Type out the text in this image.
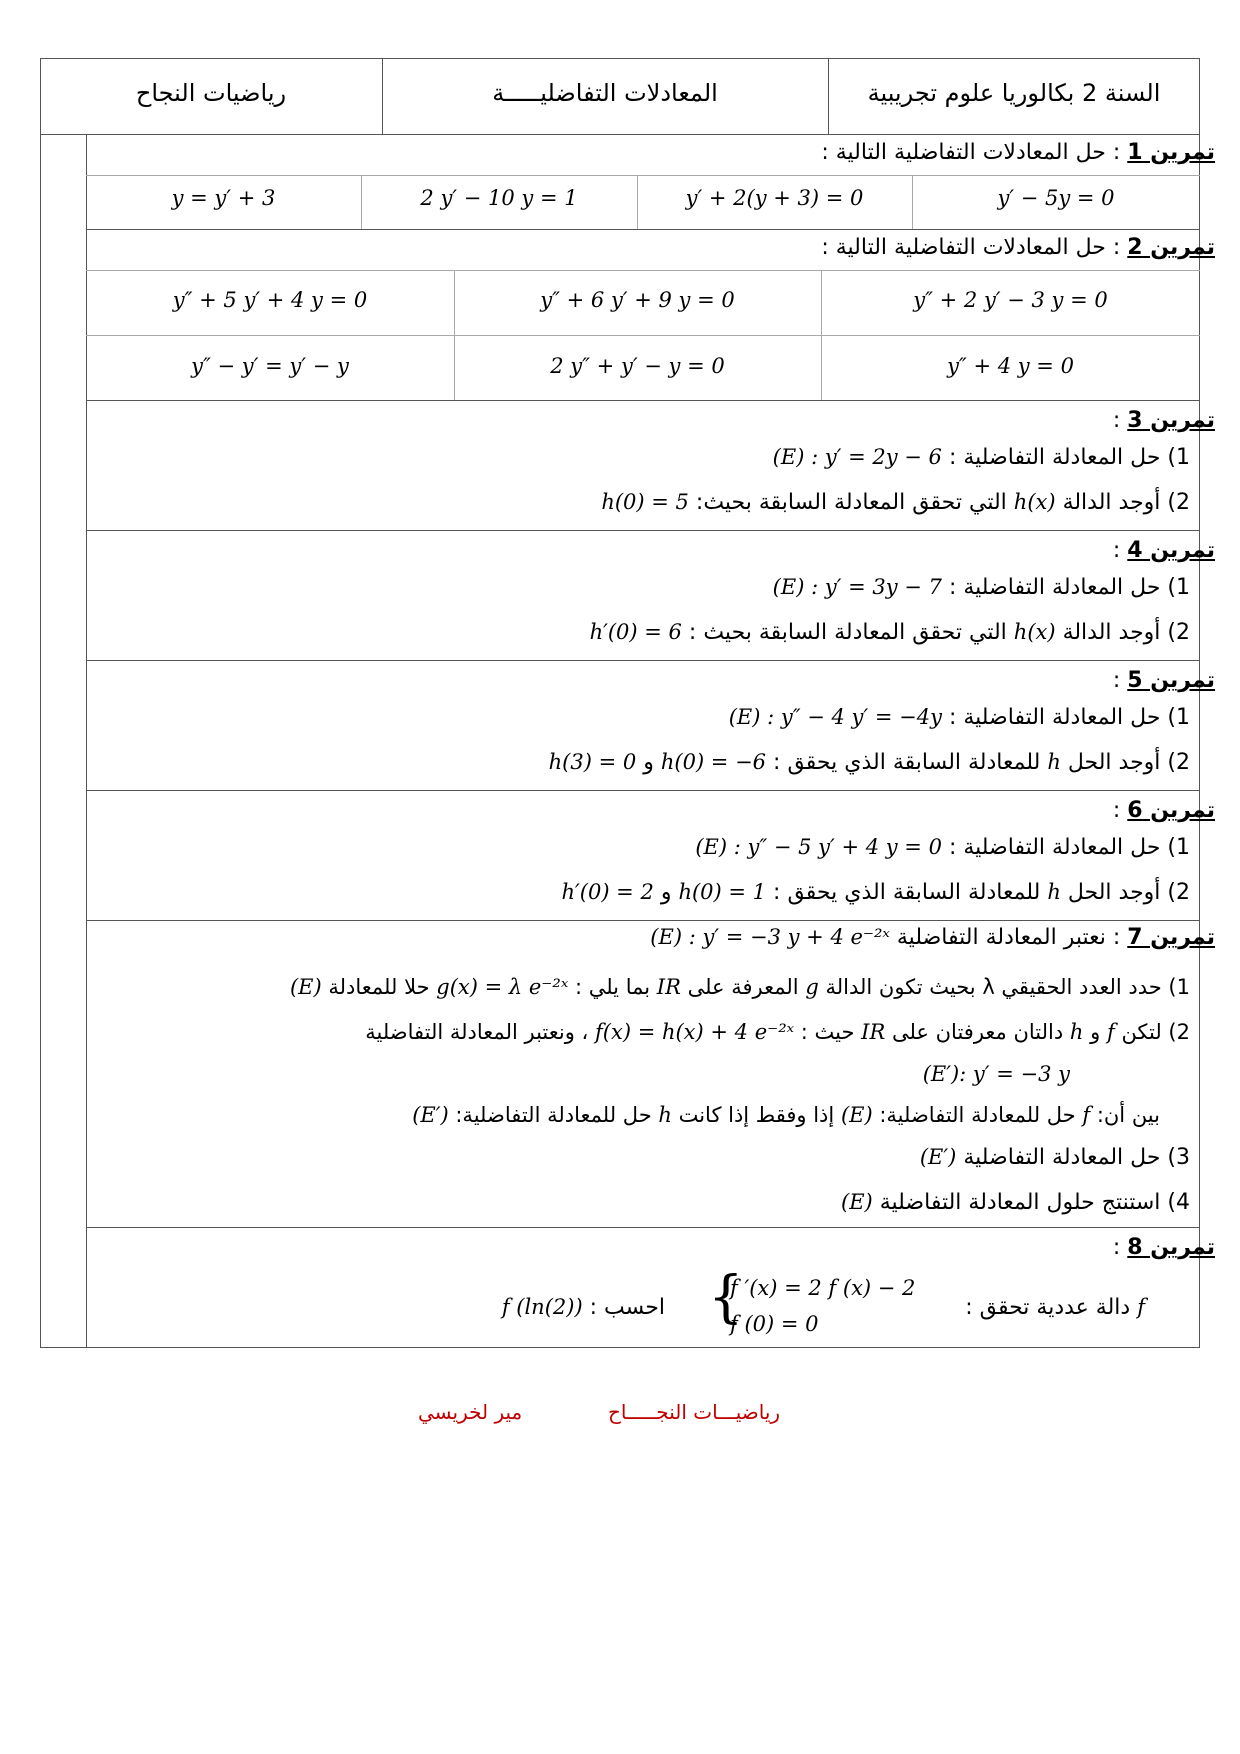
السنة 2 بكالوريا علوم تجريبية
المعادلات التفاضليـــــة
رياضيات النجاح
تمرين 1 : حل المعادلات التفاضلية التالية :
y′ − 5y = 0
y′ + 2(y + 3) = 0
2 y′ − 10 y = 1
y = y′ + 3
تمرين 2 : حل المعادلات التفاضلية التالية :
y″ + 2 y′ − 3 y = 0
y″ + 6 y′ + 9 y = 0
y″ + 5 y′ + 4 y = 0
y″ + 4 y = 0
2 y″ + y′ − y = 0
y″ − y′ = y′ − y
تمرين 3 :
1) حل المعادلة التفاضلية : (E) : y′ = 2y − 6
2) أوجد الدالة h(x) التي تحقق المعادلة السابقة بحيث: h(0) = 5
تمرين 4 :
1) حل المعادلة التفاضلية : (E) : y′ = 3y − 7
2) أوجد الدالة h(x) التي تحقق المعادلة السابقة بحيث : h′(0) = 6
تمرين 5 :
1) حل المعادلة التفاضلية : (E) : y″ − 4 y′ = −4y
2) أوجد الحل h للمعادلة السابقة الذي يحقق : h(0) = −6 و h(3) = 0
تمرين 6 :
1) حل المعادلة التفاضلية : (E) : y″ − 5 y′ + 4 y = 0
2) أوجد الحل h للمعادلة السابقة الذي يحقق : h(0) = 1 و h′(0) = 2
تمرين 7 : نعتبر المعادلة التفاضلية (E) : y′ = −3 y + 4 e⁻²ˣ
1) حدد العدد الحقيقي λ بحيث تكون الدالة g المعرفة على IR بما يلي : g(x) = λ e⁻²ˣ حلا للمعادلة (E)
2) لتكن f و h دالتان معرفتان على IR حيث : f(x) = h(x) + 4 e⁻²ˣ ، ونعتبر المعادلة التفاضلية
(E′): y′ = −3 y
بين أن: f حل للمعادلة التفاضلية: (E) إذا وفقط إذا كانت h حل للمعادلة التفاضلية: (E′)
3) حل المعادلة التفاضلية (E′)
4) استنتج حلول المعادلة التفاضلية (E)
تمرين 8 :
f دالة عددية تحقق :
{
f ′(x) = 2 f (x) − 2
f (0) = 0
احسب : f (ln(2))
رياضيـــات النجـــــاح
مير لخريسي
